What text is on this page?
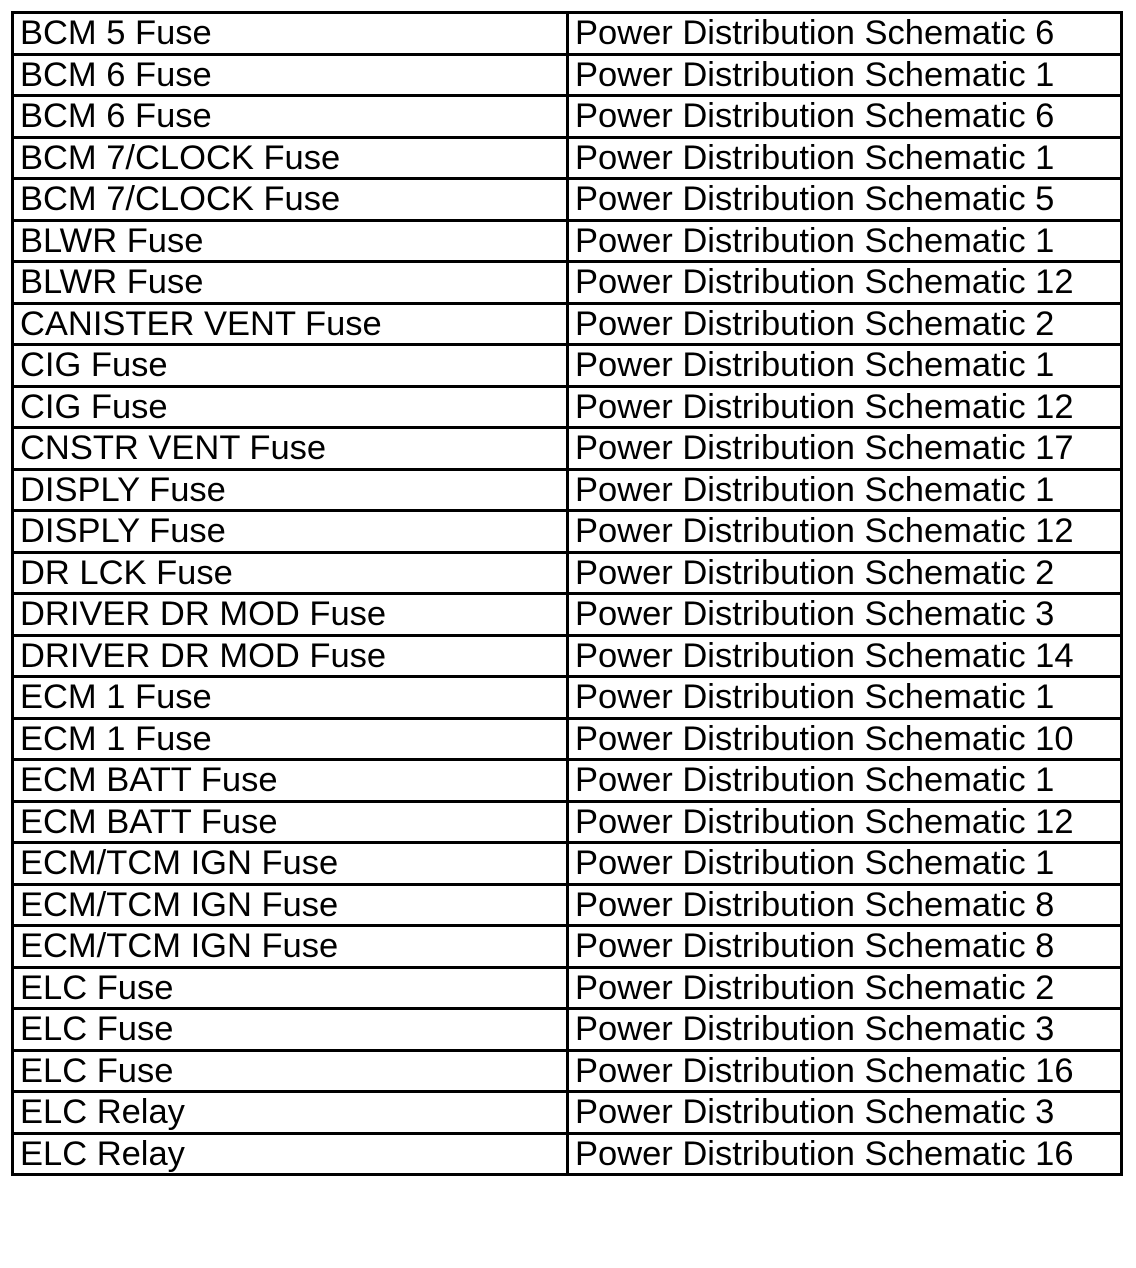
BCM 5 Fuse	Power Distribution Schematic 6
BCM 6 Fuse	Power Distribution Schematic 1
BCM 6 Fuse	Power Distribution Schematic 6
BCM 7/CLOCK Fuse	Power Distribution Schematic 1
BCM 7/CLOCK Fuse	Power Distribution Schematic 5
BLWR Fuse	Power Distribution Schematic 1
BLWR Fuse	Power Distribution Schematic 12
CANISTER VENT Fuse	Power Distribution Schematic 2
CIG Fuse	Power Distribution Schematic 1
CIG Fuse	Power Distribution Schematic 12
CNSTR VENT Fuse	Power Distribution Schematic 17
DISPLY Fuse	Power Distribution Schematic 1
DISPLY Fuse	Power Distribution Schematic 12
DR LCK Fuse	Power Distribution Schematic 2
DRIVER DR MOD Fuse	Power Distribution Schematic 3
DRIVER DR MOD Fuse	Power Distribution Schematic 14
ECM 1 Fuse	Power Distribution Schematic 1
ECM 1 Fuse	Power Distribution Schematic 10
ECM BATT Fuse	Power Distribution Schematic 1
ECM BATT Fuse	Power Distribution Schematic 12
ECM/TCM IGN Fuse	Power Distribution Schematic 1
ECM/TCM IGN Fuse	Power Distribution Schematic 8
ECM/TCM IGN Fuse	Power Distribution Schematic 8
ELC Fuse	Power Distribution Schematic 2
ELC Fuse	Power Distribution Schematic 3
ELC Fuse	Power Distribution Schematic 16
ELC Relay	Power Distribution Schematic 3
ELC Relay	Power Distribution Schematic 16
